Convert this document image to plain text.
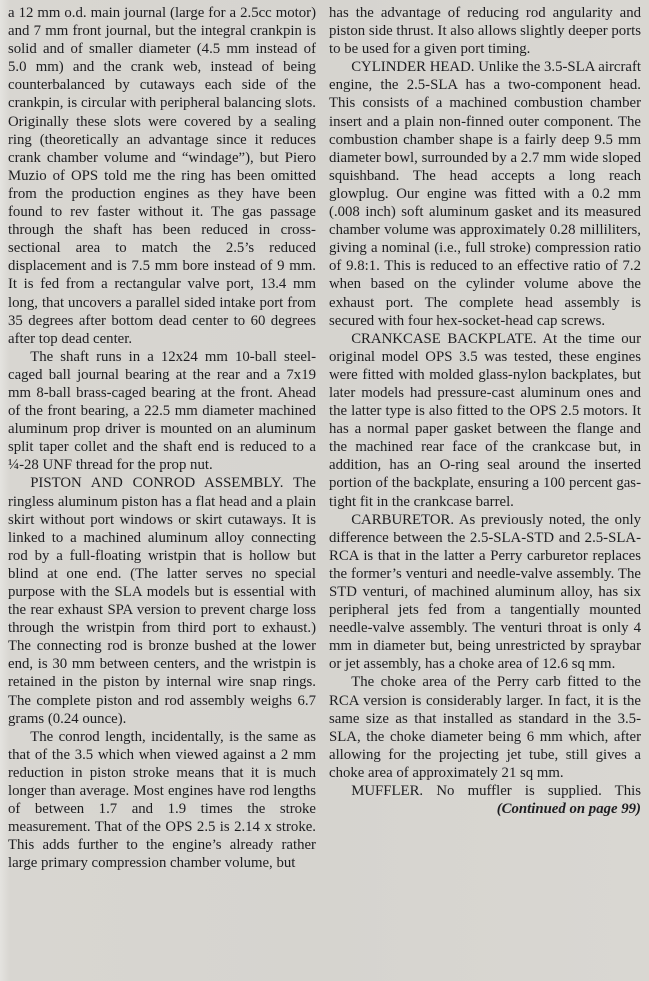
a 12 mm o.d. main journal (large for a 2.5cc motor) and 7 mm front journal, but the integral crankpin is solid and of smaller diameter (4.5 mm instead of 5.0 mm) and the crank web, instead of being counterbalanced by cutaways each side of the crankpin, is circular with peripheral balancing slots. Originally these slots were covered by a sealing ring (theoretically an advantage since it reduces crank chamber volume and “windage”), but Piero Muzio of OPS told me the ring has been omitted from the production engines as they have been found to rev faster without it. The gas passage through the shaft has been reduced in cross-sectional area to match the 2.5’s reduced displacement and is 7.5 mm bore instead of 9 mm. It is fed from a rectangular valve port, 13.4 mm long, that uncovers a parallel sided intake port from 35 degrees after bottom dead center to 60 degrees after top dead center.

The shaft runs in a 12x24 mm 10-ball steel-caged ball journal bearing at the rear and a 7x19 mm 8-ball brass-caged bearing at the front. Ahead of the front bearing, a 22.5 mm diameter machined aluminum prop driver is mounted on an aluminum split taper collet and the shaft end is reduced to a ¼-28 UNF thread for the prop nut.

PISTON AND CONROD ASSEMBLY. The ringless aluminum piston has a flat head and a plain skirt without port windows or skirt cutaways. It is linked to a machined aluminum alloy connecting rod by a full-floating wristpin that is hollow but blind at one end. (The latter serves no special purpose with the SLA models but is essential with the rear exhaust SPA version to prevent charge loss through the wristpin from third port to exhaust.) The connecting rod is bronze bushed at the lower end, is 30 mm between centers, and the wristpin is retained in the piston by internal wire snap rings. The complete piston and rod assembly weighs 6.7 grams (0.24 ounce).

The conrod length, incidentally, is the same as that of the 3.5 which when viewed against a 2 mm reduction in piston stroke means that it is much longer than average. Most engines have rod lengths of between 1.7 and 1.9 times the stroke measurement. That of the OPS 2.5 is 2.14 x stroke. This adds further to the engine’s already rather large primary compression chamber volume, but

has the advantage of reducing rod angularity and piston side thrust. It also allows slightly deeper ports to be used for a given port timing.

CYLINDER HEAD. Unlike the 3.5-SLA aircraft engine, the 2.5-SLA has a two-component head. This consists of a machined combustion chamber insert and a plain non-finned outer component. The combustion chamber shape is a fairly deep 9.5 mm diameter bowl, surrounded by a 2.7 mm wide sloped squishband. The head accepts a long reach glowplug. Our engine was fitted with a 0.2 mm (.008 inch) soft aluminum gasket and its measured chamber volume was approximately 0.28 milliliters, giving a nominal (i.e., full stroke) compression ratio of 9.8:1. This is reduced to an effective ratio of 7.2 when based on the cylinder volume above the exhaust port. The complete head assembly is secured with four hex-socket-head cap screws.

CRANKCASE BACKPLATE. At the time our original model OPS 3.5 was tested, these engines were fitted with molded glass-nylon backplates, but later models had pressure-cast aluminum ones and the latter type is also fitted to the OPS 2.5 motors. It has a normal paper gasket between the flange and the machined rear face of the crankcase but, in addition, has an O-ring seal around the inserted portion of the backplate, ensuring a 100 percent gas-tight fit in the crankcase barrel.

CARBURETOR. As previously noted, the only difference between the 2.5-SLA-STD and 2.5-SLA-RCA is that in the latter a Perry carburetor replaces the former’s venturi and needle-valve assembly. The STD venturi, of machined aluminum alloy, has six peripheral jets fed from a tangentially mounted needle-valve assembly. The venturi throat is only 4 mm in diameter but, being unrestricted by spraybar or jet assembly, has a choke area of 12.6 sq mm.

The choke area of the Perry carb fitted to the RCA version is considerably larger. In fact, it is the same size as that installed as standard in the 3.5-SLA, the choke diameter being 6 mm which, after allowing for the projecting jet tube, still gives a choke area of approximately 21 sq mm.

MUFFLER. No muffler is supplied. This

(Continued on page 99)
